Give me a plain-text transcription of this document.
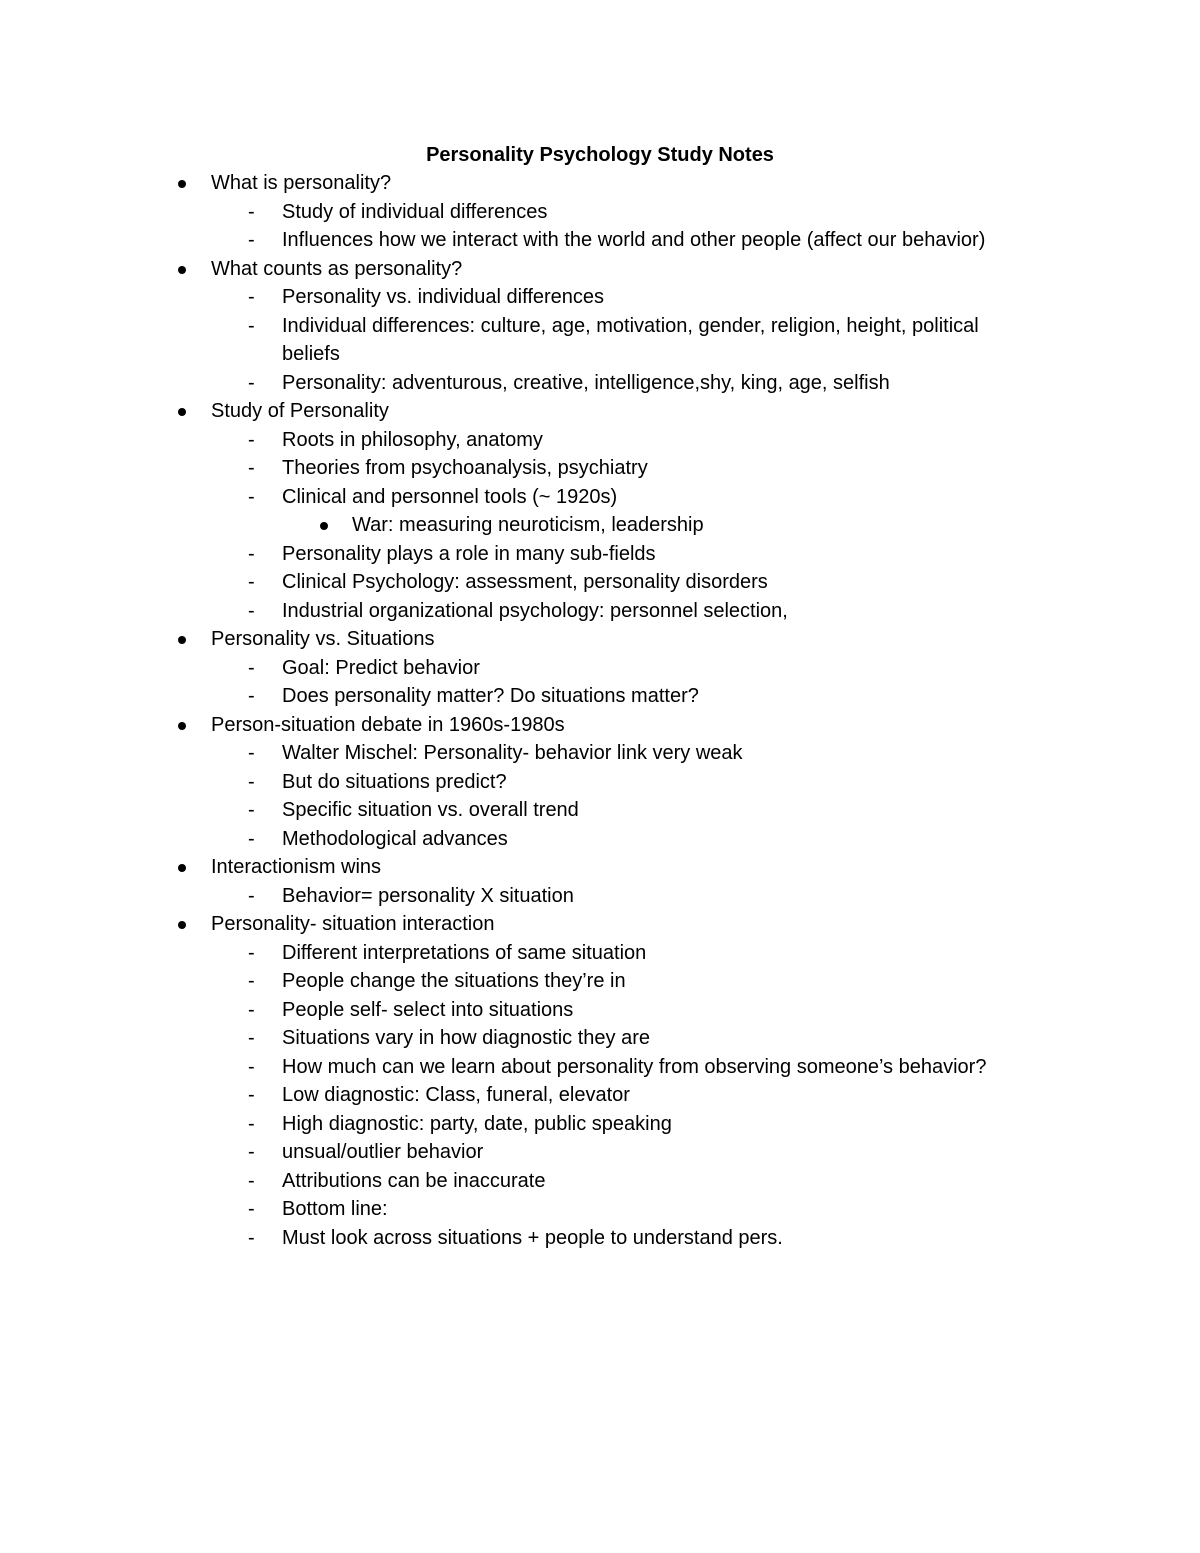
Personality Psychology Study Notes
What is personality?
- Study of individual differences
- Influences how we interact with the world and other people (affect our behavior)
What counts as personality?
- Personality vs. individual differences
- Individual differences: culture, age, motivation, gender, religion, height, political beliefs
- Personality: adventurous, creative, intelligence,shy, king, age, selfish
Study of Personality
- Roots in philosophy, anatomy
- Theories from psychoanalysis, psychiatry
- Clinical and personnel tools (~ 1920s)
War: measuring neuroticism, leadership
- Personality plays a role in many sub-fields
- Clinical Psychology: assessment, personality disorders
- Industrial organizational psychology: personnel selection,
Personality vs. Situations
- Goal: Predict behavior
- Does personality matter? Do situations matter?
Person-situation debate in 1960s-1980s
- Walter Mischel: Personality- behavior link very weak
- But do situations predict?
- Specific situation vs. overall trend
- Methodological advances
Interactionism wins
- Behavior= personality X situation
Personality- situation interaction
- Different interpretations of same situation
- People change the situations they’re in
- People self- select into situations
- Situations vary in how diagnostic they are
- How much can we learn about personality from observing someone’s behavior?
- Low diagnostic: Class, funeral, elevator
- High diagnostic: party, date, public speaking
- unsual/outlier behavior
- Attributions can be inaccurate
- Bottom line:
- Must look across situations + people to understand pers.
